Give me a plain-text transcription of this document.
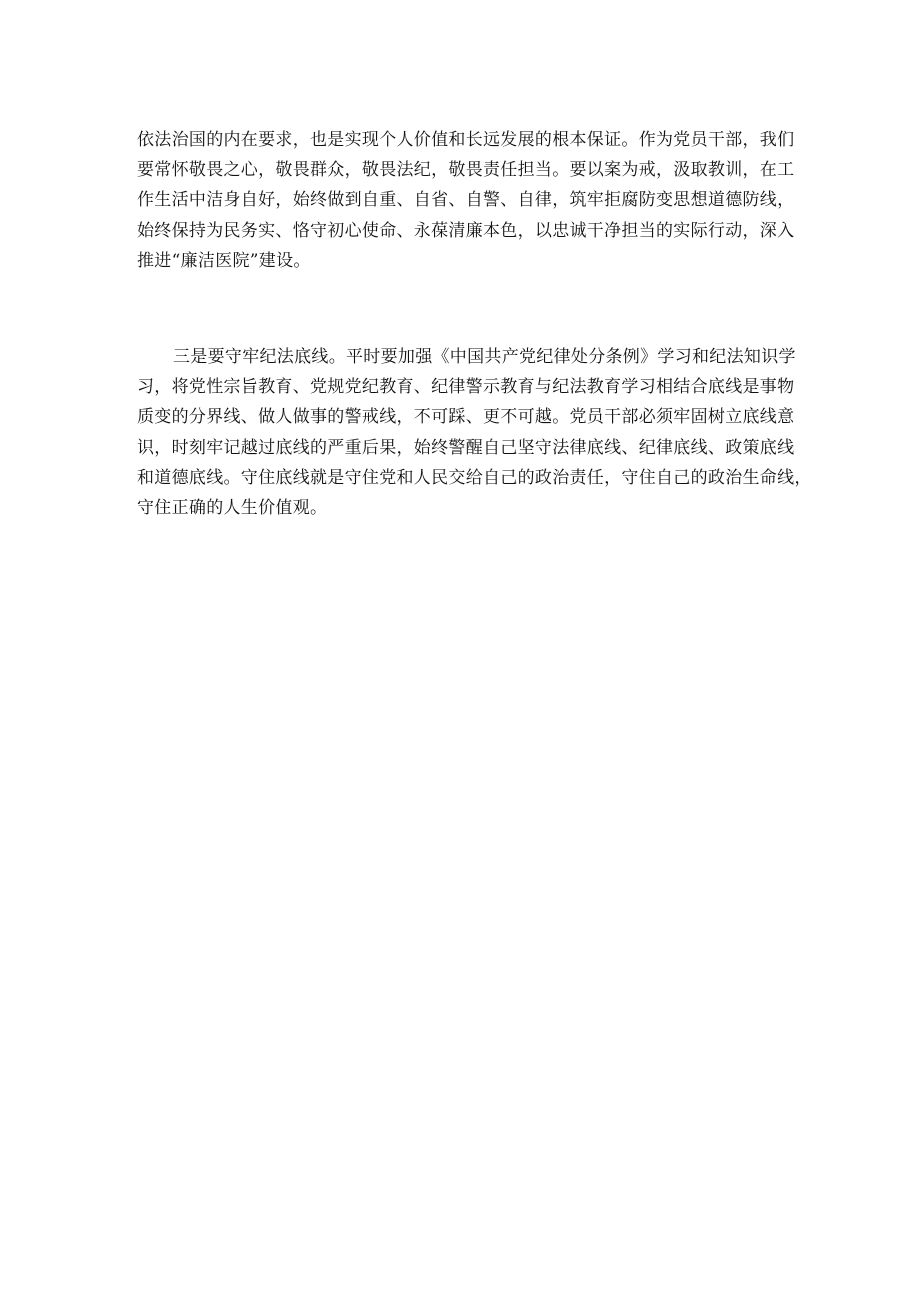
依法治国的内在要求，也是实现个人价值和长远发展的根本保证。作为党员干部，我们
要常怀敬畏之心，敬畏群众，敬畏法纪，敬畏责任担当。要以案为戒，汲取教训，在工
作生活中洁身自好，始终做到自重、自省、自警、自律，筑牢拒腐防变思想道德防线，
始终保持为民务实、恪守初心使命、永葆清廉本色，以忠诚干净担当的实际行动，深入
推进“廉洁医院”建设。
三是要守牢纪法底线。平时要加强《中国共产党纪律处分条例》学习和纪法知识学
习，将党性宗旨教育、党规党纪教育、纪律警示教育与纪法教育学习相结合底线是事物
质变的分界线、做人做事的警戒线，不可踩、更不可越。党员干部必须牢固树立底线意
识，时刻牢记越过底线的严重后果，始终警醒自己坚守法律底线、纪律底线、政策底线
和道德底线。守住底线就是守住党和人民交给自己的政治责任，守住自己的政治生命线，
守住正确的人生价值观。
